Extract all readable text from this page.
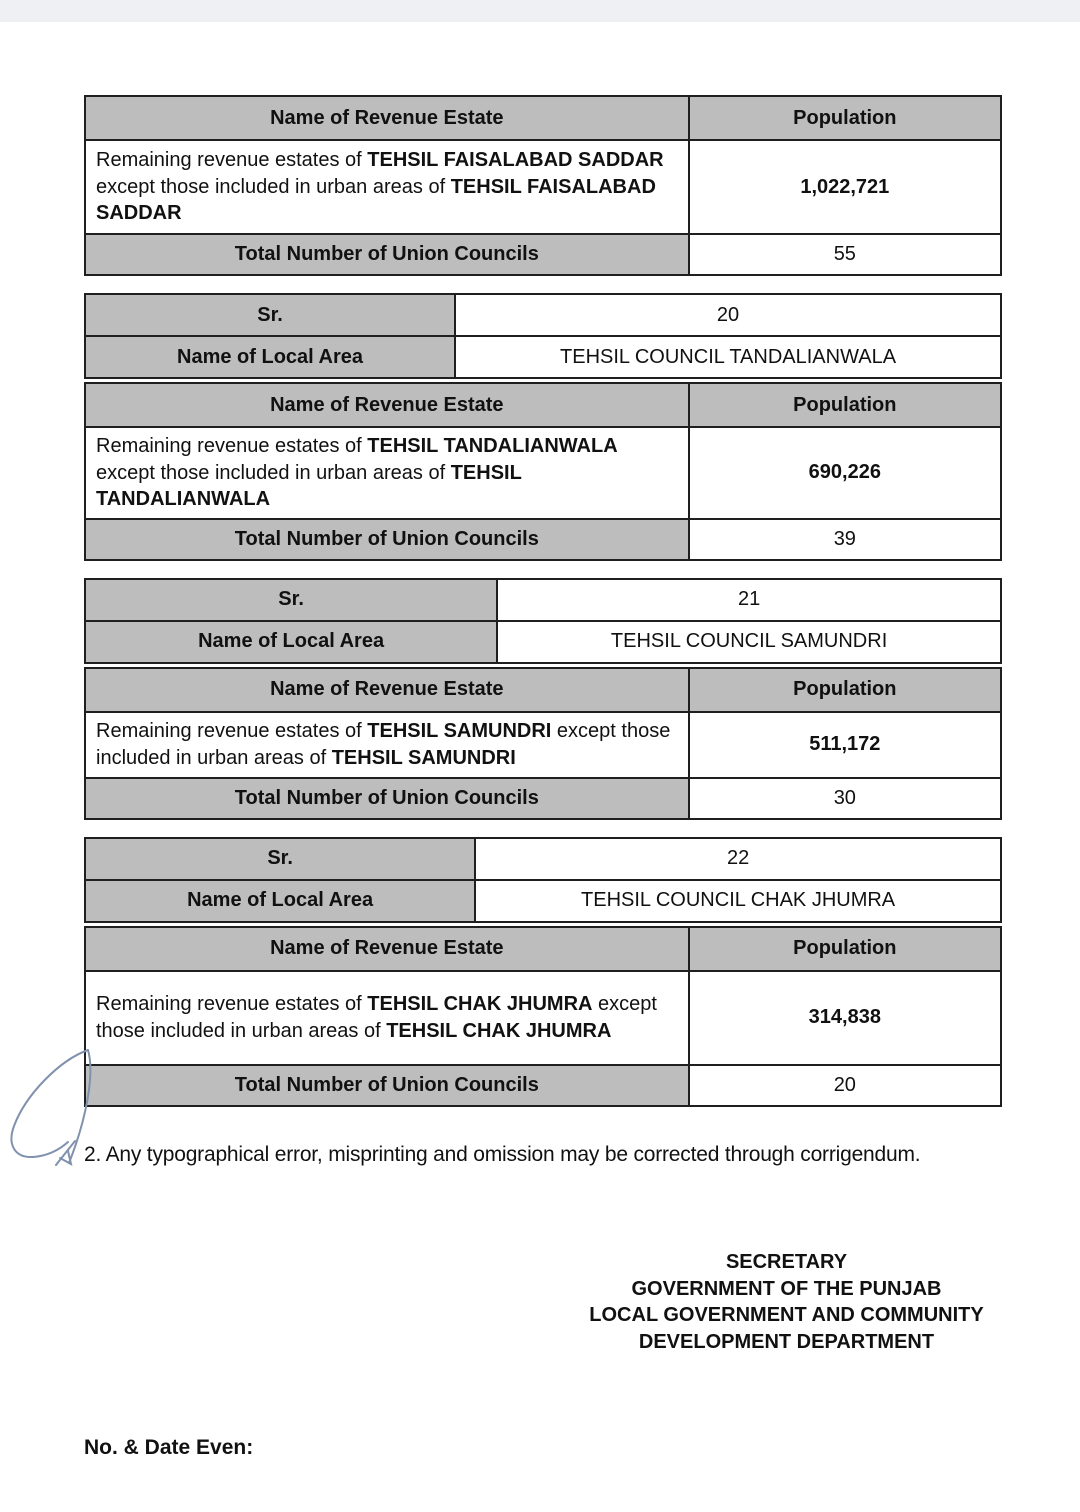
Name of Revenue Estate	Population
Remaining revenue estates of TEHSIL FAISALABAD SADDAR except those included in urban areas of TEHSIL FAISALABAD SADDAR	1,022,721
Total Number of Union Councils	55
Sr.	20
Name of Local Area	TEHSIL COUNCIL TANDALIANWALA
Name of Revenue Estate	Population
Remaining revenue estates of TEHSIL TANDALIANWALA except those included in urban areas of TEHSIL TANDALIANWALA	690,226
Total Number of Union Councils	39
Sr.	21
Name of Local Area	TEHSIL COUNCIL SAMUNDRI
Name of Revenue Estate	Population
Remaining revenue estates of TEHSIL SAMUNDRI except those included in urban areas of TEHSIL SAMUNDRI	511,172
Total Number of Union Councils	30
Sr.	22
Name of Local Area	TEHSIL COUNCIL CHAK JHUMRA
Name of Revenue Estate	Population
Remaining revenue estates of TEHSIL CHAK JHUMRA except those included in urban areas of TEHSIL CHAK JHUMRA	314,838
Total Number of Union Councils	20
2. Any typographical error, misprinting and omission may be corrected through corrigendum.
SECRETARY
GOVERNMENT OF THE PUNJAB
LOCAL GOVERNMENT AND COMMUNITY
DEVELOPMENT DEPARTMENT
No. & Date Even:
